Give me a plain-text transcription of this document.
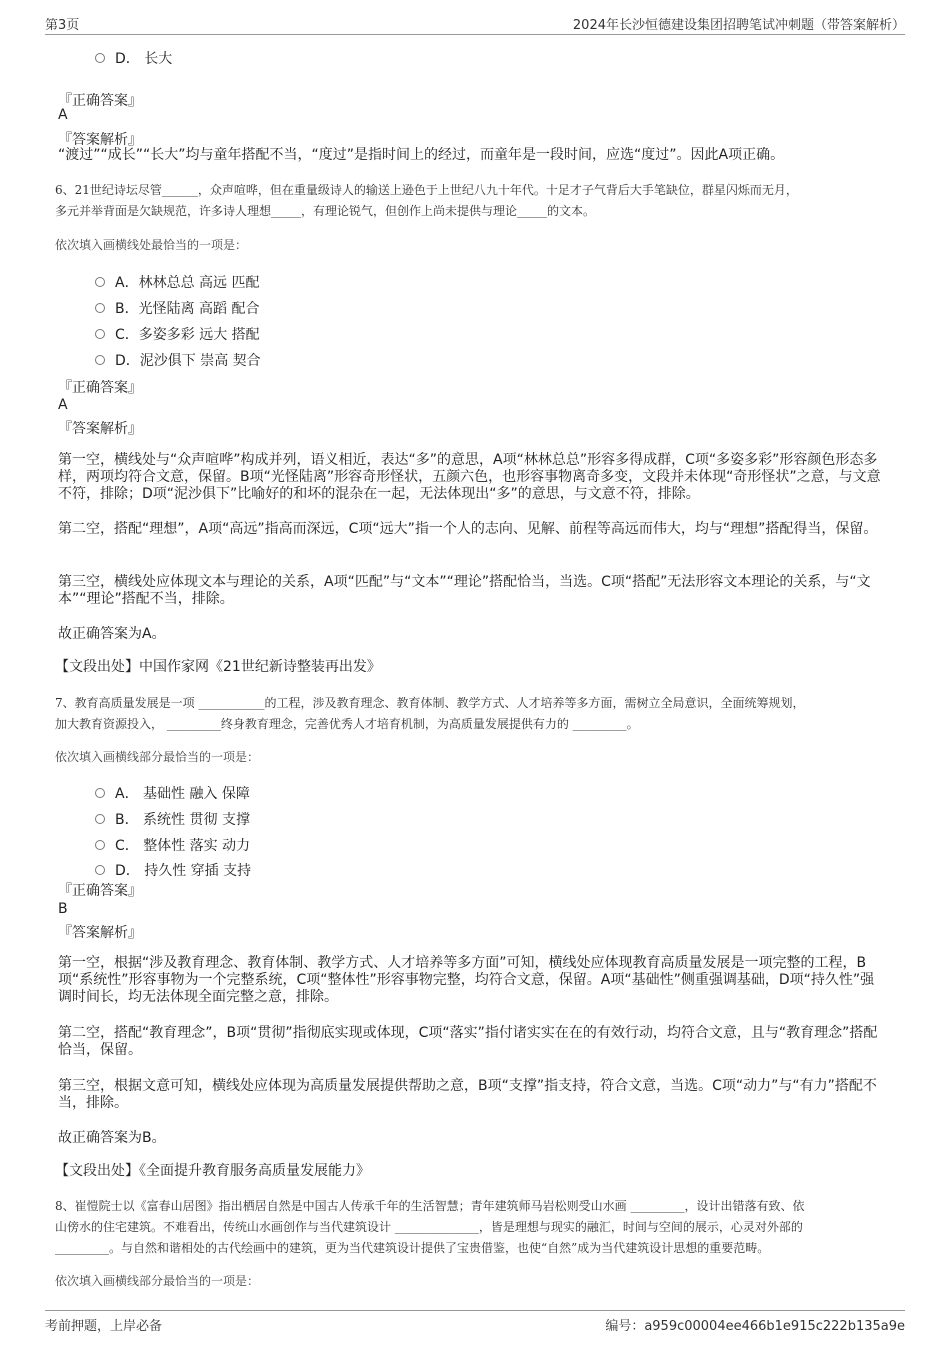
第3页	2024年长沙恒德建设集团招聘笔试冲刺题（带答案解析）
D． 长大
『正确答案』
A
『答案解析』
“渡过”“成长”“长大”均与童年搭配不当，“度过”是指时间上的经过，而童年是一段时间，应选“度过”。因此A项正确。
6、21世纪诗坛尽管______，众声喧哗，但在重量级诗人的输送上逊色于上世纪八九十年代。十足才子气背后大手笔缺位，群星闪烁而无月，
多元并举背面是欠缺规范，许多诗人理想_____，有理论锐气，但创作上尚未提供与理论_____的文本。
依次填入画横线处最恰当的一项是：
A．林林总总 高远 匹配
B．光怪陆离 高蹈 配合
C．多姿多彩 远大 搭配
D．泥沙俱下 崇高 契合
『正确答案』
A
『答案解析』
第一空，横线处与“众声喧哗”构成并列，语义相近，表达“多”的意思，A项“林林总总”形容多得成群，C项“多姿多彩”形容颜色形态多样，两项均符合文意，保留。B项“光怪陆离”形容奇形怪状，五颜六色，也形容事物离奇多变，文段并未体现“奇形怪状”之意，与文意不符，排除；D项“泥沙俱下”比喻好的和坏的混杂在一起，无法体现出“多”的意思，与文意不符，排除。
第二空，搭配“理想”，A项“高远”指高而深远，C项“远大”指一个人的志向、见解、前程等高远而伟大，均与“理想”搭配得当，保留。
第三空，横线处应体现文本与理论的关系，A项“匹配”与“文本”“理论”搭配恰当，当选。C项“搭配”无法形容文本理论的关系，与“文本”“理论”搭配不当，排除。
故正确答案为A。
【文段出处】中国作家网《21世纪新诗整装再出发》
7、教育高质量发展是一项 ___________的工程，涉及教育理念、教育体制、教学方式、人才培养等多方面，需树立全局意识，全面统筹规划，
加大教育资源投入， _________终身教育理念，完善优秀人才培育机制，为高质量发展提供有力的 _________。
依次填入画横线部分最恰当的一项是：
A． 基础性 融入 保障
B． 系统性 贯彻 支撑
C． 整体性 落实 动力
D． 持久性 穿插 支持
『正确答案』
B
『答案解析』
第一空，根据“涉及教育理念、教育体制、教学方式、人才培养等多方面”可知，横线处应体现教育高质量发展是一项完整的工程，B项“系统性”形容事物为一个完整系统，C项“整体性”形容事物完整，均符合文意，保留。A项“基础性”侧重强调基础，D项“持久性”强调时间长，均无法体现全面完整之意，排除。
第二空，搭配“教育理念”，B项“贯彻”指彻底实现或体现，C项“落实”指付诸实实在在的有效行动，均符合文意，且与“教育理念”搭配恰当，保留。
第三空，根据文意可知，横线处应体现为高质量发展提供帮助之意，B项“支撑”指支持，符合文意，当选。C项“动力”与“有力”搭配不当，排除。
故正确答案为B。
【文段出处】《全面提升教育服务高质量发展能力》
8、崔愷院士以《富春山居图》指出栖居自然是中国古人传承千年的生活智慧；青年建筑师马岩松则受山水画 _________，设计出错落有致、依
山傍水的住宅建筑。不难看出，传统山水画创作与当代建筑设计 ______________，皆是理想与现实的融汇，时间与空间的展示，心灵对外部的
_________。与自然和谐相处的古代绘画中的建筑，更为当代建筑设计提供了宝贵借鉴，也使“自然”成为当代建筑设计思想的重要范畴。
依次填入画横线部分最恰当的一项是：
考前押题，上岸必备	编号：a959c00004ee466b1e915c222b135a9e
